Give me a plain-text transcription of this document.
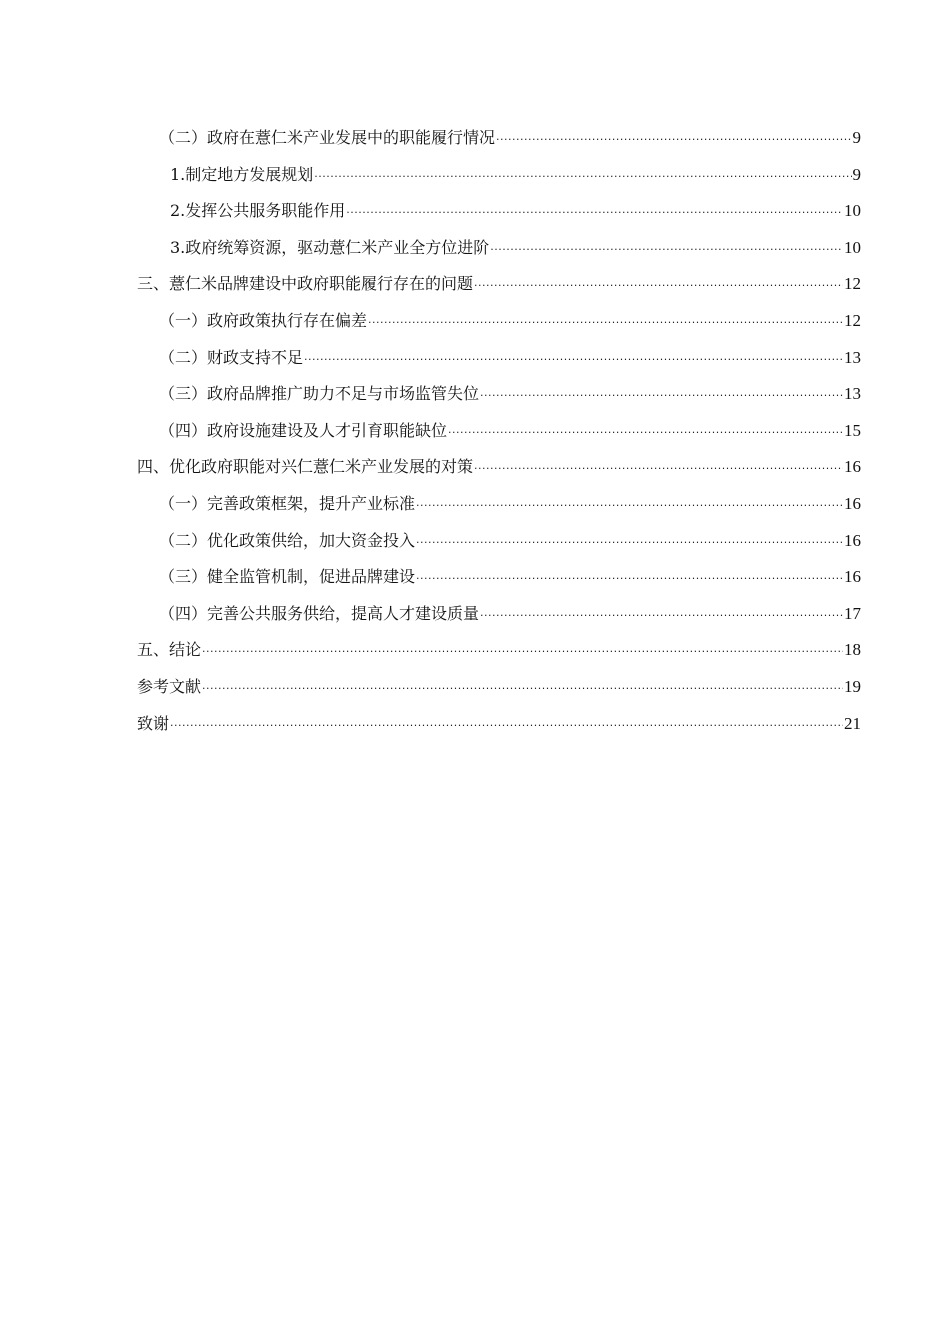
（二）政府在薏仁米产业发展中的职能履行情况 ·····	9
1.制定地方发展规划 ·····	9
2.发挥公共服务职能作用 ·····	10
3.政府统筹资源，驱动薏仁米产业全方位进阶 ·····	10
三、薏仁米品牌建设中政府职能履行存在的问题 ·····	12
（一）政府政策执行存在偏差 ·····	12
（二）财政支持不足 ·····	13
（三）政府品牌推广助力不足与市场监管失位 ·····	13
（四）政府设施建设及人才引育职能缺位 ·····	15
四、优化政府职能对兴仁薏仁米产业发展的对策 ·····	16
（一）完善政策框架，提升产业标准 ·····	16
（二）优化政策供给，加大资金投入 ·····	16
（三）健全监管机制，促进品牌建设 ·····	16
（四）完善公共服务供给，提高人才建设质量 ·····	17
五、结论 ·····	18
参考文献 ·····	19
致谢 ·····	21
